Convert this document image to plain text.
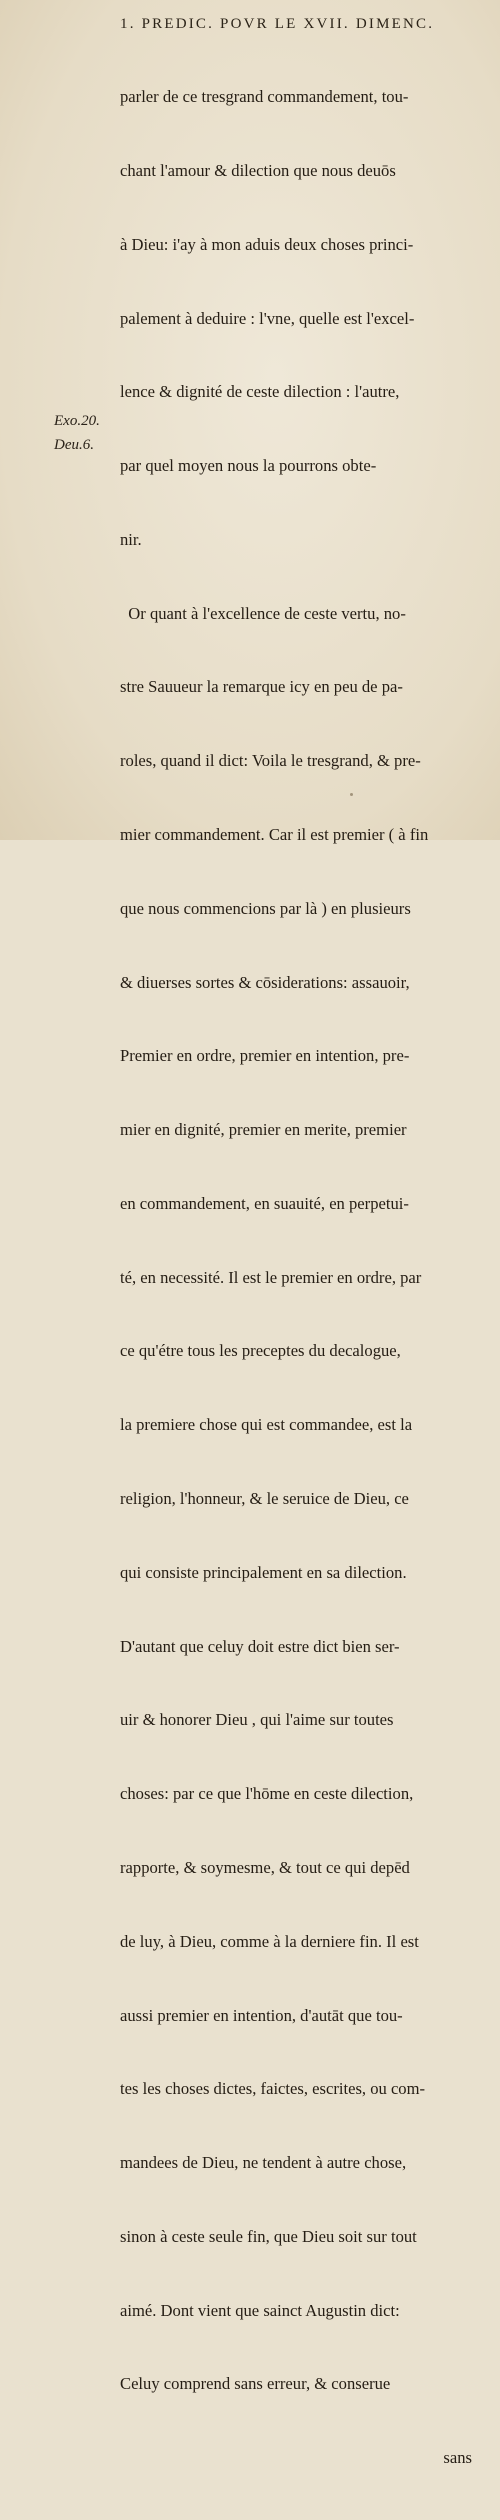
1. PREDIC. POVR LE XVII. DIMENC.

parler de ce tresgrand commandement, tou-

chant l'amour & dilection que nous deuōs

à Dieu: i'ay à mon aduis deux choses princi-

palement à deduire : l'vne, quelle est l'excel-

lence & dignité de ceste dilection : l'autre,

par quel moyen nous la pourrons obte-

nir.

Or quant à l'excellence de ceste vertu, no-

stre Sauueur la remarque icy en peu de pa-

roles, quand il dict: Voila le tresgrand, & pre-

mier commandement. Car il est premier ( à fin

que nous commencions par là ) en plusieurs

& diuerses sortes & cōsiderations: assauoir,

Premier en ordre, premier en intention, pre-

mier en dignité, premier en merite, premier

en commandement, en suauité, en perpetui-

té, en necessité. Il est le premier en ordre, par

ce qu'étre tous les preceptes du decalogue,

la premiere chose qui est commandee, est la

religion, l'honneur, & le seruice de Dieu, ce

qui consiste principalement en sa dilection.

D'autant que celuy doit estre dict bien ser-

uir & honorer Dieu , qui l'aime sur toutes

choses: par ce que l'hōme en ceste dilection,

rapporte, & soymesme, & tout ce qui depēd

de luy, à Dieu, comme à la derniere fin. Il est

aussi premier en intention, d'autāt que tou-

tes les choses dictes, faictes, escrites, ou com-

mandees de Dieu, ne tendent à autre chose,

sinon à ceste seule fin, que Dieu soit sur tout

aimé. Dont vient que sainct Augustin dict:

Celuy comprend sans erreur, & conserue

sans

Exo.20.
Deu.6.
